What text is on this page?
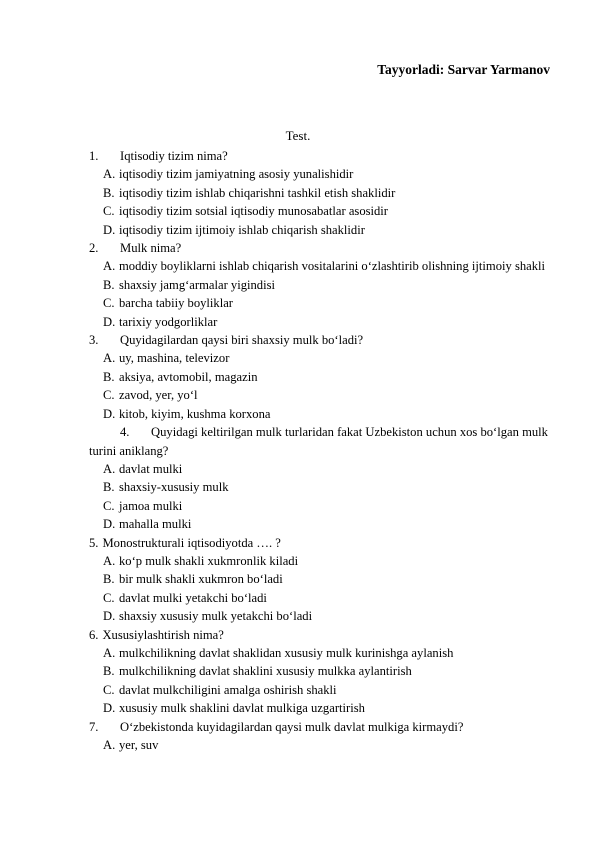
Tayyorladi: Sarvar Yarmanov
Test.
1. Iqtisodiy tizim nima?
A. iqtisodiy tizim jamiyatning asosiy yunalishidir
B. iqtisodiy tizim ishlab chiqarishni tashkil etish shaklidir
C. iqtisodiy tizim sotsial iqtisodiy munosabatlar asosidir
D. iqtisodiy tizim ijtimoiy ishlab chiqarish shaklidir
2. Mulk nima?
A. moddiy boyliklarni ishlab chiqarish vositalarini o‘zlashtirib olishning ijtimoiy shakli
B. shaxsiy jamg‘armalar yigindisi
C. barcha tabiiy boyliklar
D. tarixiy yodgorliklar
3. Quyidagilardan qaysi biri shaxsiy mulk bo‘ladi?
A. uy, mashina, televizor
B. aksiya, avtomobil, magazin
C. zavod, yer, yo‘l
D. kitob, kiyim, kushma korxona
4. Quyidagi keltirilgan mulk turlaridan fakat Uzbekiston uchun xos bo‘lgan mulk turini aniklang?
A. davlat mulki
B. shaxsiy-xususiy mulk
C. jamoa mulki
D. mahalla mulki
5. Monostrukturali iqtisodiyotda …. ?
A. ko‘p mulk shakli xukmronlik kiladi
B. bir mulk shakli xukmron bo‘ladi
C. davlat mulki yetakchi bo‘ladi
D. shaxsiy xususiy mulk yetakchi bo‘ladi
6. Xususiylashtirish nima?
A. mulkchilikning davlat shaklidan xususiy mulk kurinishga aylanish
B. mulkchilikning davlat shaklini xususiy mulkka aylantirish
C. davlat mulkchiligini amalga oshirish shakli
D. xususiy mulk shaklini davlat mulkiga uzgartirish
7. O‘zbekistonda kuyidagilardan qaysi mulk davlat mulkiga kirmaydi?
A. yer, suv
